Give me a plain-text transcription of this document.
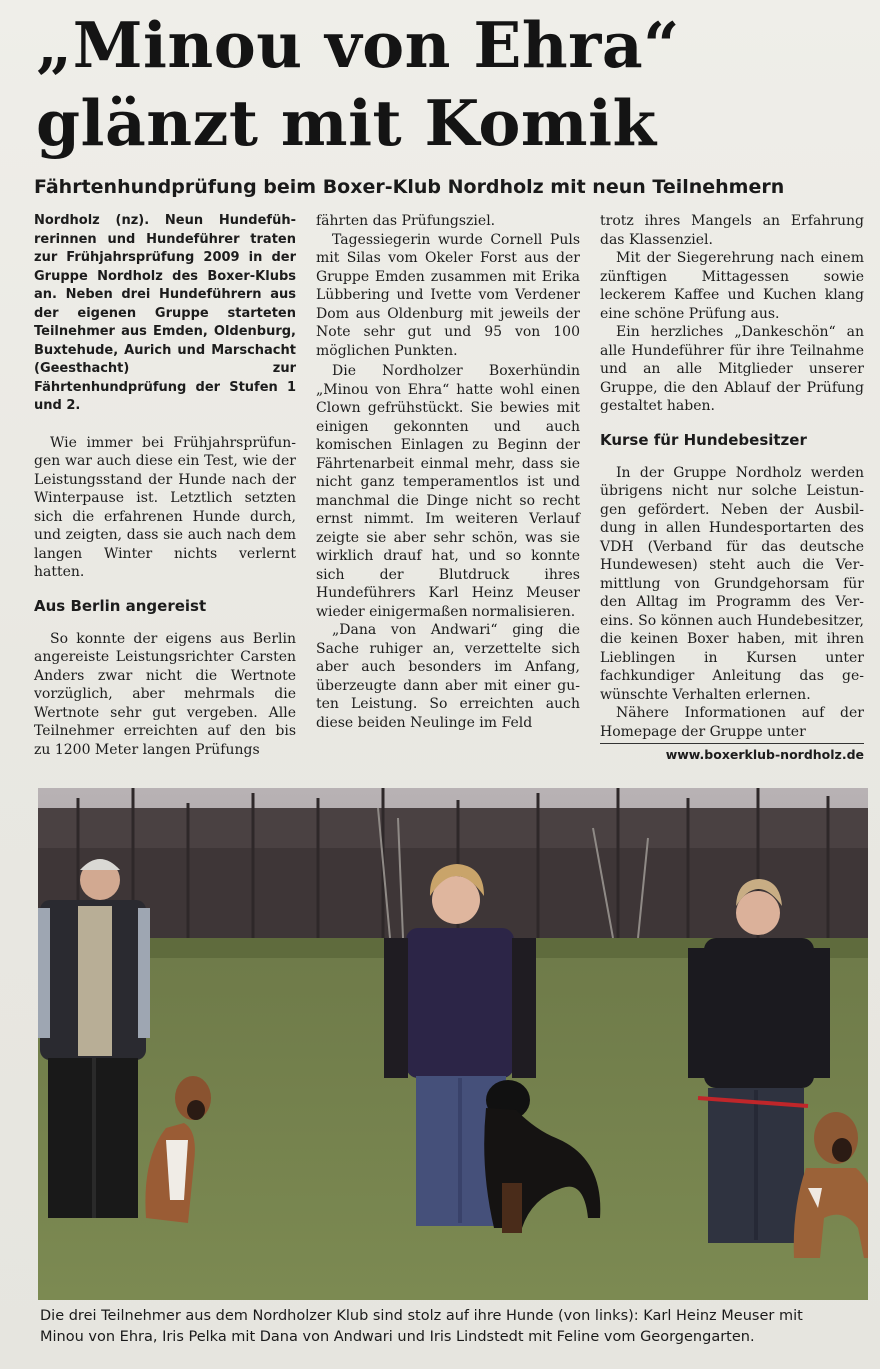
„Minou von Ehra“
glänzt mit Komik
Fährtenhundprüfung beim Boxer-Klub Nordholz mit neun Teilnehmern

Nordholz (nz). Neun Hundeführerinnen und Hundeführer traten zur Frühjahrsprüfung 2009 in der Gruppe Nordholz des Boxer-Klubs an. Neben drei Hundeführern aus der eigenen Gruppe starteten Teilnehmer aus Emden, Oldenburg, Buxtehude, Aurich und Marschacht (Geesthacht) zur Fährtenhundprüfung der Stufen 1 und 2.

Wie immer bei Frühjahrsprüfungen war auch diese ein Test, wie der Leistungsstand der Hunde nach der Winterpause ist. Letztlich setzten sich die erfahrenen Hunde durch, und zeigten, dass sie auch nach dem langen Winter nichts verlernt hatten.

Aus Berlin angereist

So konnte der eigens aus Berlin angereiste Leistungsrichter Carsten Anders zwar nicht die Wertnote vorzüglich, aber mehrmals die Wertnote sehr gut vergeben. Alle Teilnehmer erreichten auf den bis zu 1200 Meter langen Prüfungs

fährten das Prüfungsziel.

Tagessiegerin wurde Cornell Puls mit Silas vom Okeler Forst aus der Gruppe Emden zusammen mit Erika Lübbering und Ivette vom Verdener Dom aus Oldenburg mit jeweils der Note sehr gut und 95 von 100 möglichen Punkten.

Die Nordholzer Boxerhündin „Minou von Ehra“ hatte wohl einen Clown gefrühstückt. Sie bewies mit einigen gekonnten und auch komischen Einlagen zu Beginn der Fährtenarbeit einmal mehr, dass sie nicht ganz temperamentlos ist und manchmal die Dinge nicht so recht ernst nimmt. Im weiteren Verlauf zeigte sie aber sehr schön, was sie wirklich drauf hat, und so konnte sich der Blutdruck ihres Hundeführers Karl Heinz Meuser wieder einigermaßen normalisieren.

„Dana von Andwari“ ging die Sache ruhiger an, verzettelte sich aber auch besonders im Anfang, überzeugte dann aber mit einer guten Leistung. So erreichten auch diese beiden Neulinge im Feld

trotz ihres Mangels an Erfahrung das Klassenziel.

Mit der Siegerehrung nach einem zünftigen Mittagessen sowie leckerem Kaffee und Kuchen klang eine schöne Prüfung aus.

Ein herzliches „Dankeschön“ an alle Hundeführer für ihre Teilnahme und an alle Mitglieder unserer Gruppe, die den Ablauf der Prüfung gestaltet haben.

Kurse für Hundebesitzer

In der Gruppe Nordholz werden übrigens nicht nur solche Leistungen gefördert. Neben der Ausbildung in allen Hundesportarten des VDH (Verband für das deutsche Hundewesen) steht auch die Vermittlung von Grundgehorsam für den Alltag im Programm des Vereins. So können auch Hundebesitzer, die keinen Boxer haben, mit ihren Lieblingen in Kursen unter fachkundiger Anleitung das gewünschte Verhalten erlernen.

Nähere Informationen auf der Homepage der Gruppe unter

www.boxerklub-nordholz.de

Die drei Teilnehmer aus dem Nordholzer Klub sind stolz auf ihre Hunde (von links): Karl Heinz Meuser mit
Minou von Ehra, Iris Pelka mit Dana von Andwari und Iris Lindstedt mit Feline vom Georgengarten.
